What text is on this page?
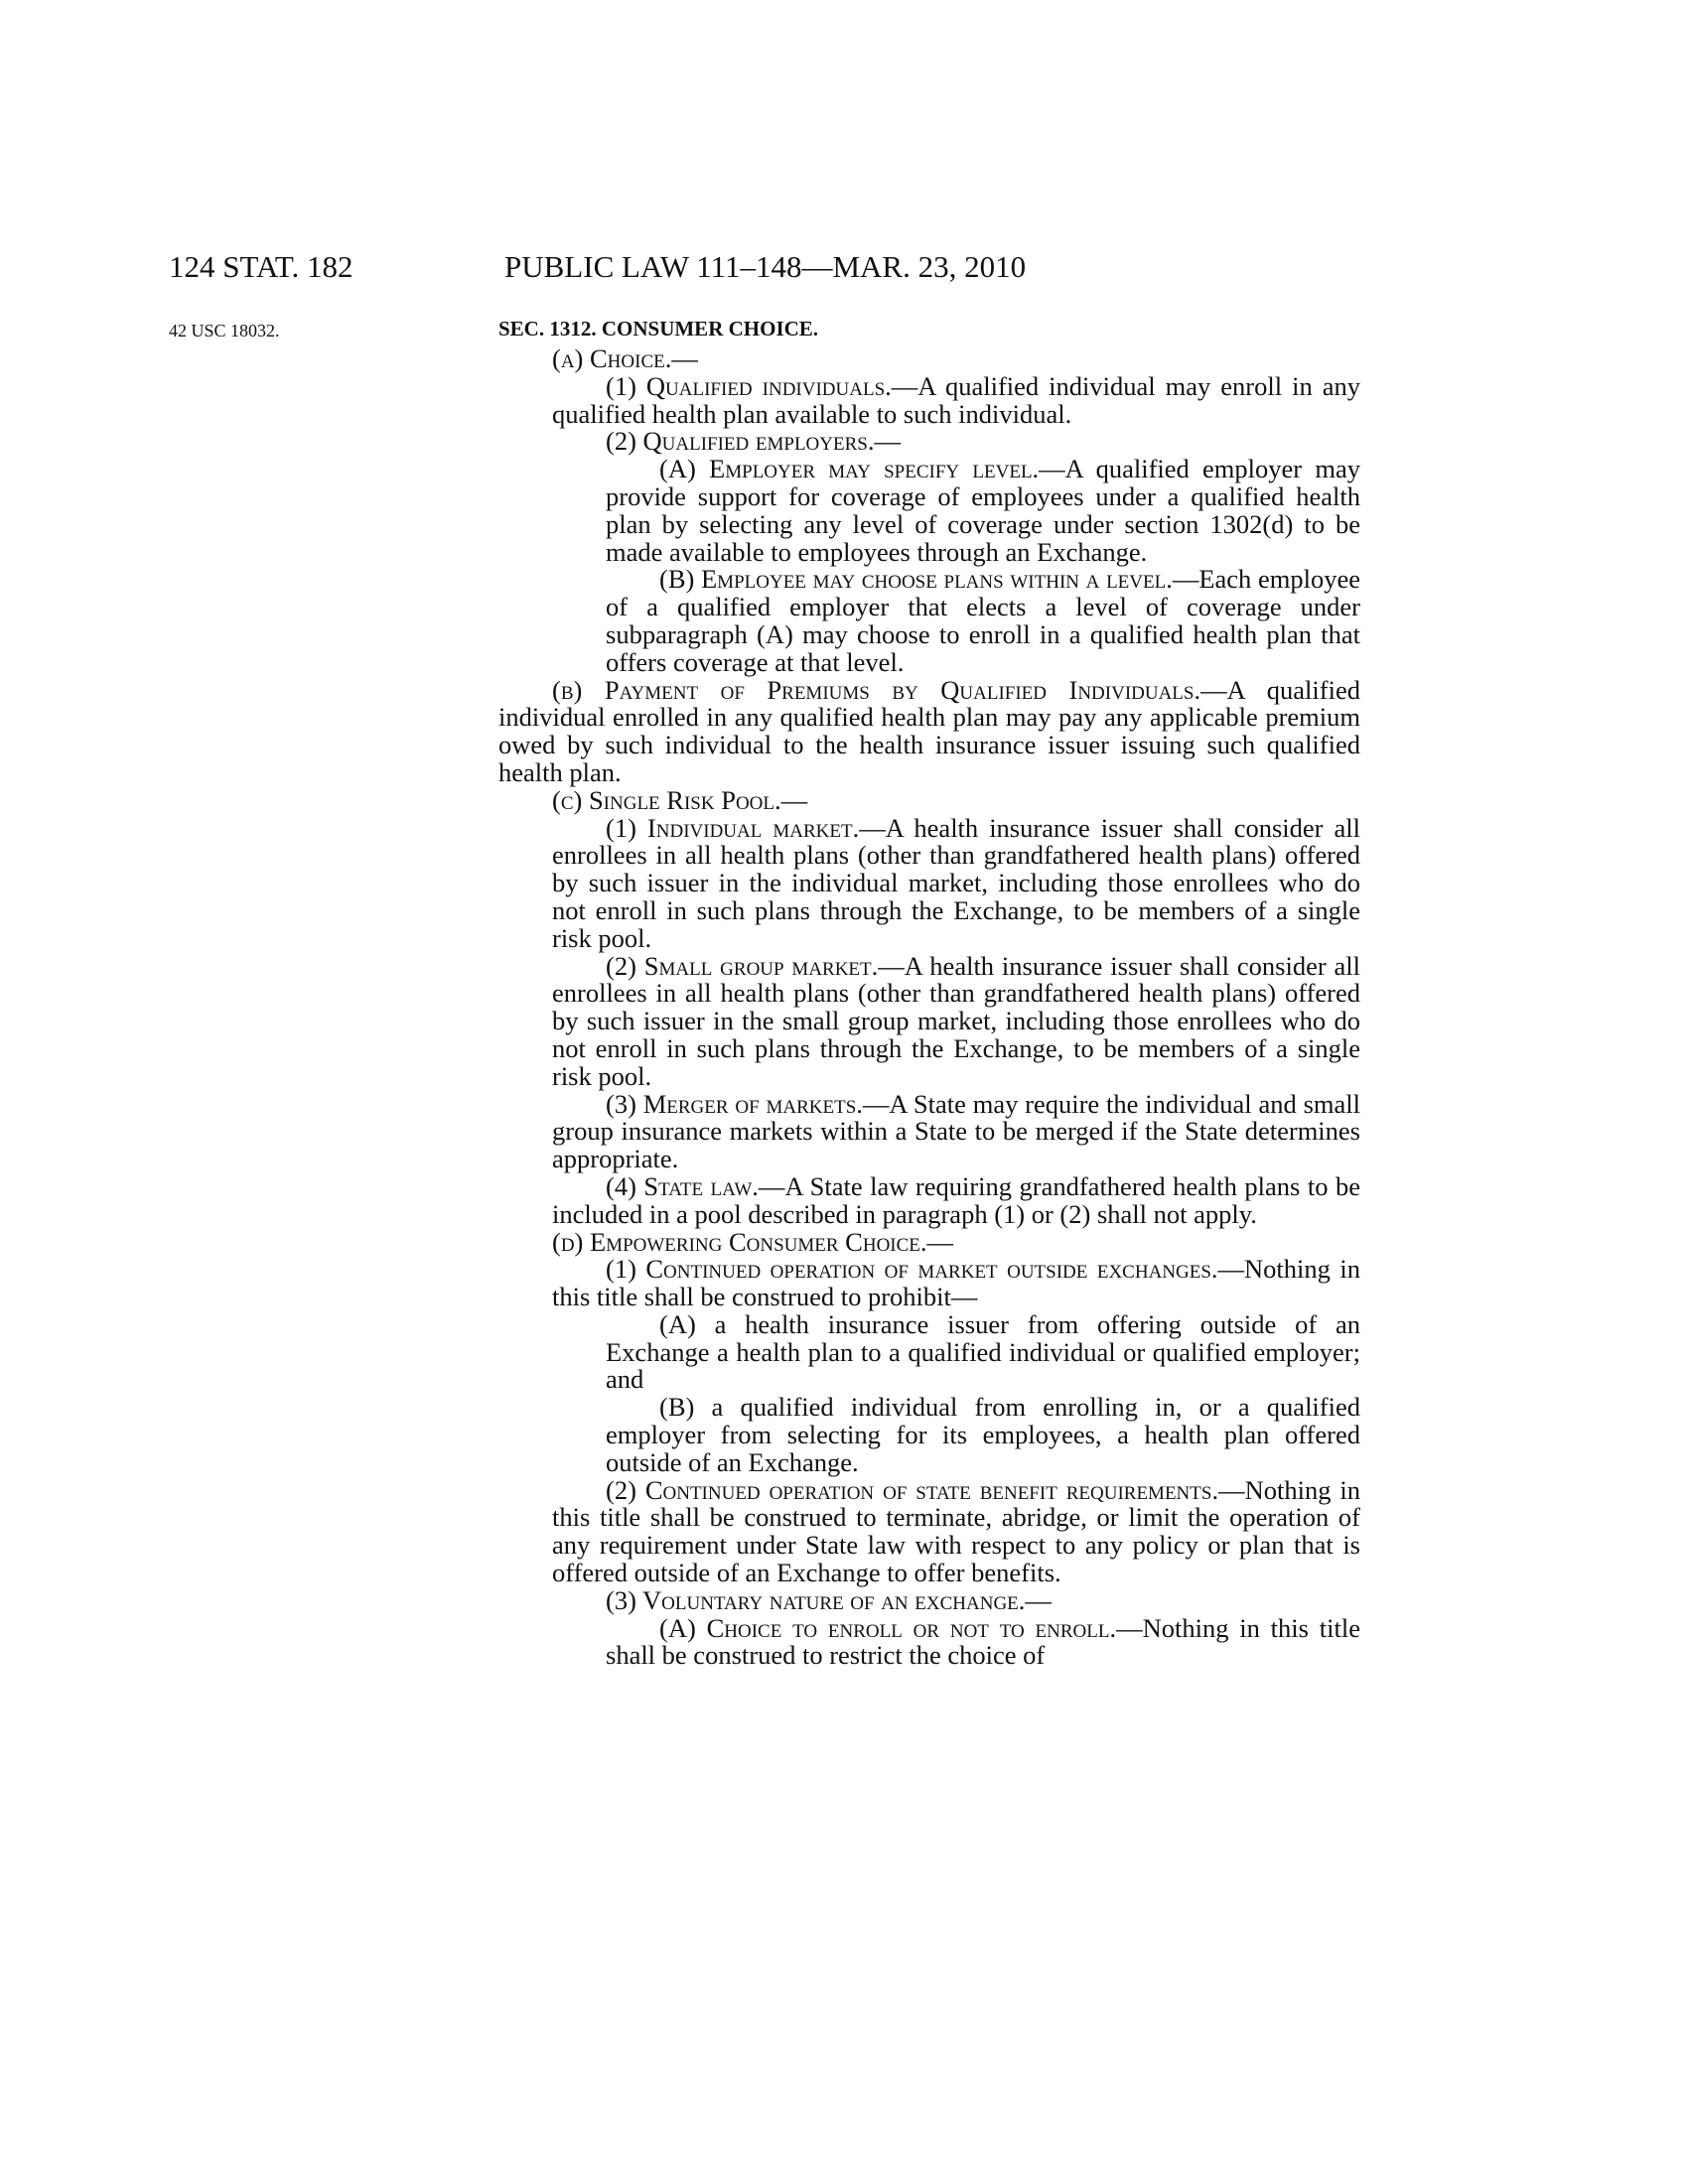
124 STAT. 182	PUBLIC LAW 111–148—MAR. 23, 2010
42 USC 18032.	SEC. 1312. CONSUMER CHOICE.
(a) Choice.—
(1) Qualified individuals.—A qualified individual may enroll in any qualified health plan available to such individual.
(2) Qualified employers.—
(A) Employer may specify level.—A qualified employer may provide support for coverage of employees under a qualified health plan by selecting any level of coverage under section 1302(d) to be made available to employees through an Exchange.
(B) Employee may choose plans within a level.—Each employee of a qualified employer that elects a level of coverage under subparagraph (A) may choose to enroll in a qualified health plan that offers coverage at that level.
(b) Payment of Premiums by Qualified Individuals.—A qualified individual enrolled in any qualified health plan may pay any applicable premium owed by such individual to the health insurance issuer issuing such qualified health plan.
(c) Single Risk Pool.—
(1) Individual market.—A health insurance issuer shall consider all enrollees in all health plans (other than grandfathered health plans) offered by such issuer in the individual market, including those enrollees who do not enroll in such plans through the Exchange, to be members of a single risk pool.
(2) Small group market.—A health insurance issuer shall consider all enrollees in all health plans (other than grandfathered health plans) offered by such issuer in the small group market, including those enrollees who do not enroll in such plans through the Exchange, to be members of a single risk pool.
(3) Merger of markets.—A State may require the individual and small group insurance markets within a State to be merged if the State determines appropriate.
(4) State law.—A State law requiring grandfathered health plans to be included in a pool described in paragraph (1) or (2) shall not apply.
(d) Empowering Consumer Choice.—
(1) Continued operation of market outside exchanges.—Nothing in this title shall be construed to prohibit—
(A) a health insurance issuer from offering outside of an Exchange a health plan to a qualified individual or qualified employer; and
(B) a qualified individual from enrolling in, or a qualified employer from selecting for its employees, a health plan offered outside of an Exchange.
(2) Continued operation of state benefit requirements.—Nothing in this title shall be construed to terminate, abridge, or limit the operation of any requirement under State law with respect to any policy or plan that is offered outside of an Exchange to offer benefits.
(3) Voluntary nature of an exchange.—
(A) Choice to enroll or not to enroll.—Nothing in this title shall be construed to restrict the choice of
